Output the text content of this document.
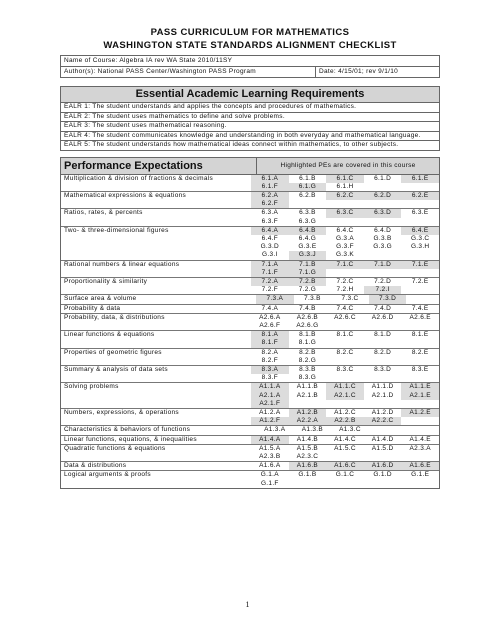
PASS CURRICULUM FOR MATHEMATICS
WASHINGTON STATE STANDARDS ALIGNMENT CHECKLIST
Name of Course: Algebra IA rev WA State 2010/11SY
Author(s): National PASS Center/Washington PASS Program	Date: 4/15/01; rev 9/1/10
Essential Academic Learning Requirements
EALR 1: The student understands and applies the concepts and procedures of mathematics.
EALR 2: The student uses mathematics to define and solve problems.
EALR 3: The student uses mathematical reasoning.
EALR 4: The student communicates knowledge and understanding in both everyday and mathematical language.
EALR 5: The student understands how mathematical ideas connect within mathematics, to other subjects.
Performance Expectations	Highlighted PEs are covered in this course
Multiplication & division of fractions & decimals	6.1.A	6.1.B	6.1.C	6.1.D	6.1.E
6.1.F	6.1.G	6.1.H
Mathematical expressions & equations	6.2.A	6.2.B	6.2.C	6.2.D	6.2.E
6.2.F
Ratios, rates, & percents	6.3.A	6.3.B	6.3.C	6.3.D	6.3.E
6.3.F	6.3.G
Two- & three-dimensional figures	6.4.A	6.4.B	6.4.C	6.4.D	6.4.E
6.4.F	6.4.G	G.3.A	G.3.B	G.3.C
G.3.D	G.3.E	G.3.F	G.3.G	G.3.H
G.3.I	G.3.J	G.3.K
Rational numbers & linear equations	7.1.A	7.1.B	7.1.C	7.1.D	7.1.E
7.1.F	7.1.G
Proportionality & similarity	7.2.A	7.2.B	7.2.C	7.2.D	7.2.E
7.2.F	7.2.G	7.2.H	7.2.I
Surface area & volume	7.3.A	7.3.B	7.3.C	7.3.D
Probability & data	7.4.A	7.4.B	7.4.C	7.4.D	7.4.E
Probability, data, & distributions	A2.6.A	A2.6.B	A2.6.C	A2.6.D	A2.6.E
A2.6.F	A2.6.G
Linear functions & equations	8.1.A	8.1.B	8.1.C	8.1.D	8.1.E
8.1.F	8.1.G
Properties of geometric figures	8.2.A	8.2.B	8.2.C	8.2.D	8.2.E
8.2.F	8.2.G
Summary & analysis of data sets	8.3.A	8.3.B	8.3.C	8.3.D	8.3.E
8.3.F	8.3.G
Solving problems	A1.1.A	A1.1.B	A1.1.C	A1.1.D	A1.1.E
A2.1.A	A2.1.B	A2.1.C	A2.1.D	A2.1.E
A2.1.F
Numbers, expressions, & operations	A1.2.A	A1.2.B	A1.2.C	A1.2.D	A1.2.E
A1.2.F	A2.2.A	A2.2.B	A2.2.C
Characteristics & behaviors of functions	A1.3.A	A1.3.B	A1.3.C
Linear functions, equations, & inequalities	A1.4.A	A1.4.B	A1.4.C	A1.4.D	A1.4.E
Quadratic functions & equations	A1.5.A	A1.5.B	A1.5.C	A1.5.D	A2.3.A
A2.3.B	A2.3.C
Data & distributions	A1.6.A	A1.6.B	A1.6.C	A1.6.D	A1.6.E
Logical arguments & proofs	G.1.A	G.1.B	G.1.C	G.1.D	G.1.E
G.1.F
1
